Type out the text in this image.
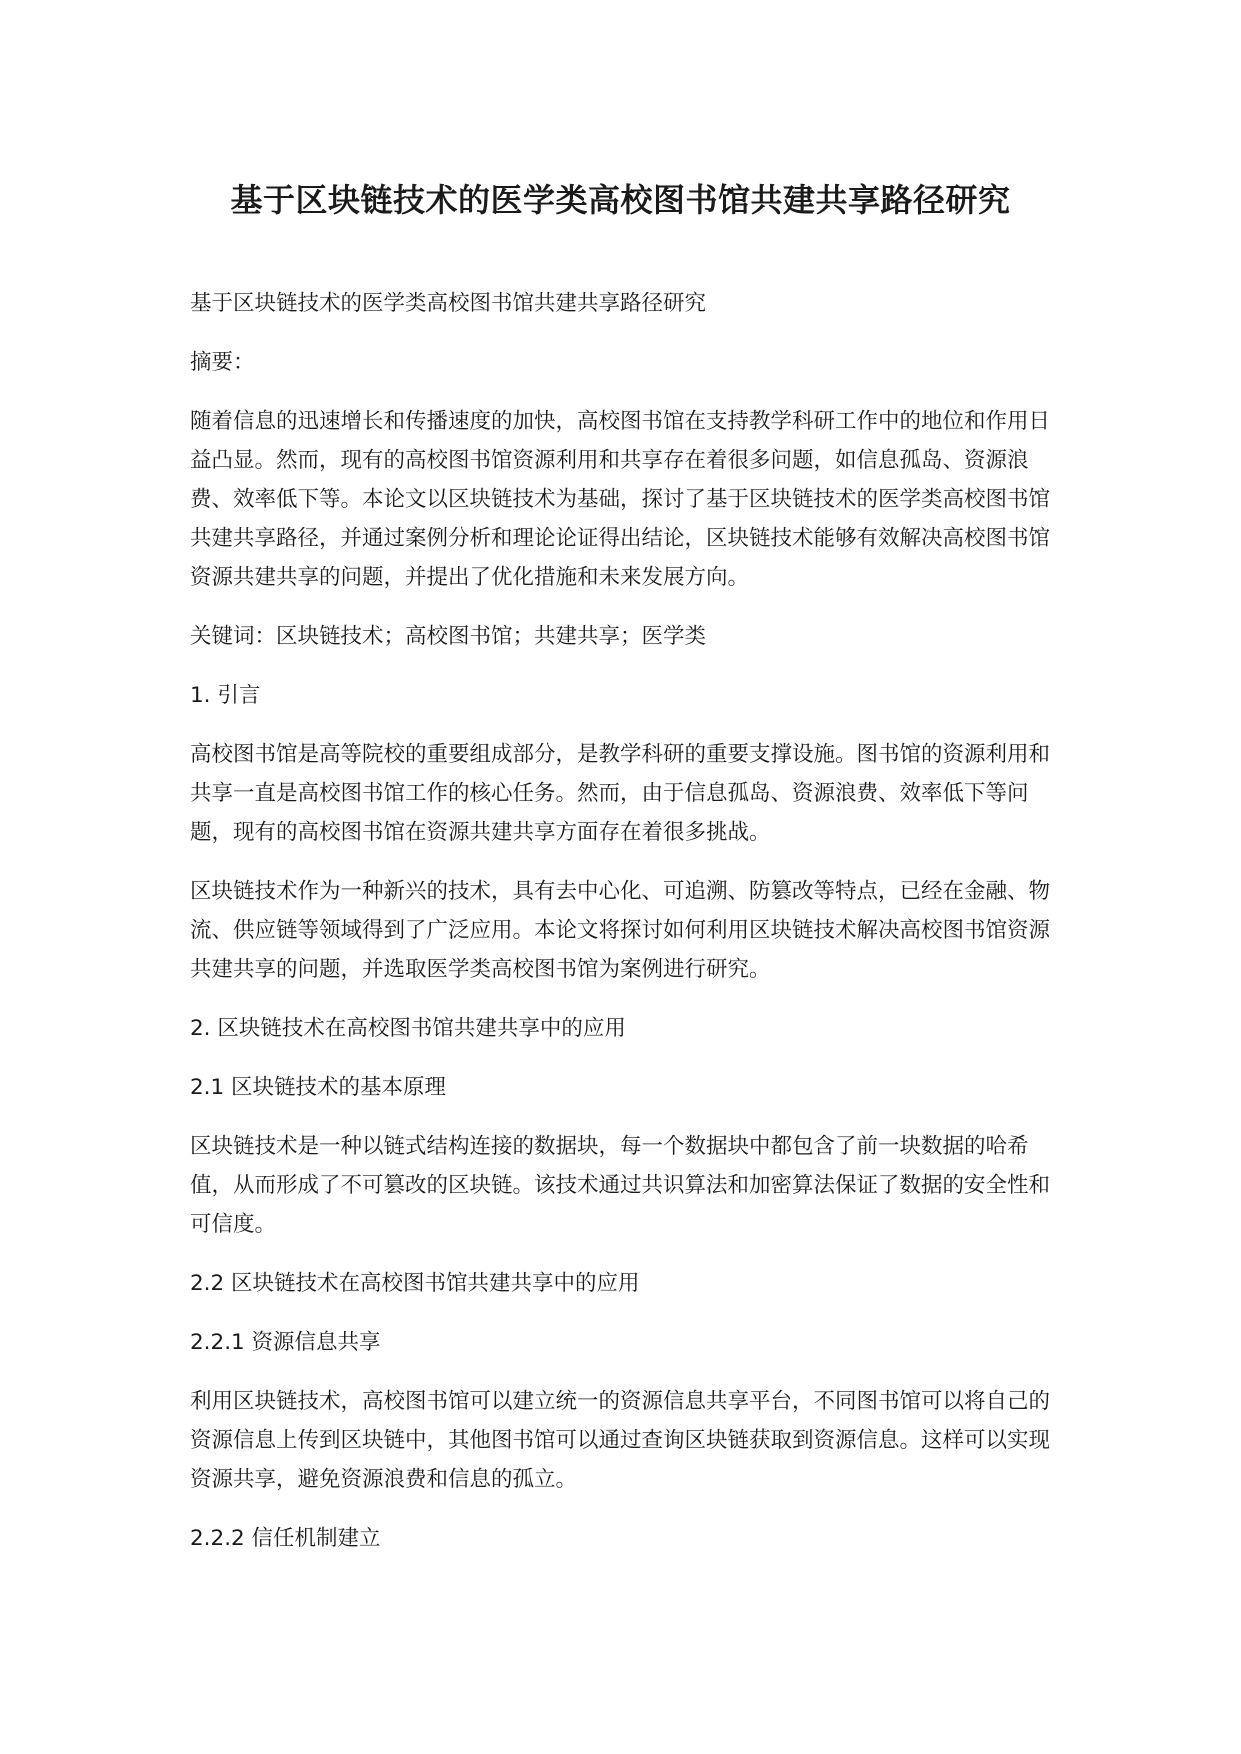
基于区块链技术的医学类高校图书馆共建共享路径研究

基于区块链技术的医学类高校图书馆共建共享路径研究

摘要：

随着信息的迅速增长和传播速度的加快，高校图书馆在支持教学科研工作中的地位和作用日益凸显。然而，现有的高校图书馆资源利用和共享存在着很多问题，如信息孤岛、资源浪费、效率低下等。本论文以区块链技术为基础，探讨了基于区块链技术的医学类高校图书馆共建共享路径，并通过案例分析和理论论证得出结论，区块链技术能够有效解决高校图书馆资源共建共享的问题，并提出了优化措施和未来发展方向。

关键词：区块链技术；高校图书馆；共建共享；医学类

1. 引言

高校图书馆是高等院校的重要组成部分，是教学科研的重要支撑设施。图书馆的资源利用和共享一直是高校图书馆工作的核心任务。然而，由于信息孤岛、资源浪费、效率低下等问题，现有的高校图书馆在资源共建共享方面存在着很多挑战。

区块链技术作为一种新兴的技术，具有去中心化、可追溯、防篡改等特点，已经在金融、物流、供应链等领域得到了广泛应用。本论文将探讨如何利用区块链技术解决高校图书馆资源共建共享的问题，并选取医学类高校图书馆为案例进行研究。

2. 区块链技术在高校图书馆共建共享中的应用

2.1 区块链技术的基本原理

区块链技术是一种以链式结构连接的数据块，每一个数据块中都包含了前一块数据的哈希值，从而形成了不可篡改的区块链。该技术通过共识算法和加密算法保证了数据的安全性和可信度。

2.2 区块链技术在高校图书馆共建共享中的应用

2.2.1 资源信息共享

利用区块链技术，高校图书馆可以建立统一的资源信息共享平台，不同图书馆可以将自己的资源信息上传到区块链中，其他图书馆可以通过查询区块链获取到资源信息。这样可以实现资源共享，避免资源浪费和信息的孤立。

2.2.2 信任机制建立
